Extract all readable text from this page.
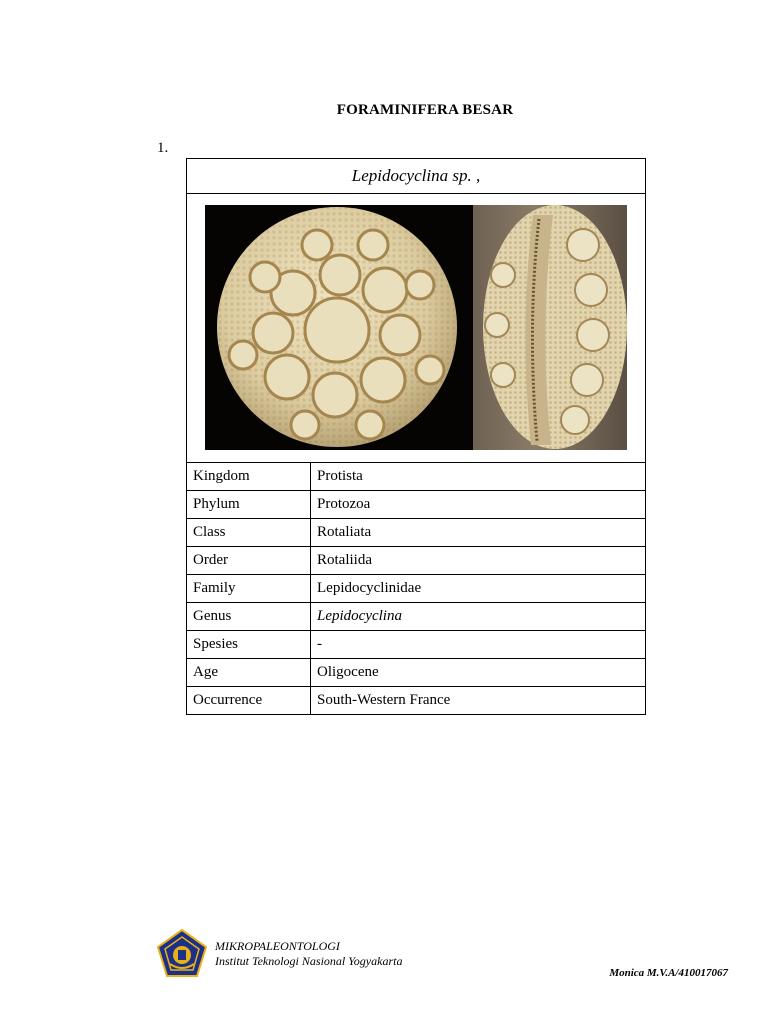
FORAMINIFERA BESAR
1.
Lepidocyclina sp. ,	

Kingdom	Protista
Phylum	Protozoa
Class	Rotaliata
Order	Rotaliida
Family	Lepidocyclinidae
Genus	Lepidocyclina
Spesies	-
Age	Oligocene
Occurrence	South-Western France
MIKROPALEONTOLOGI
Institut Teknologi Nasional Yogyakarta
Monica M.V.A/410017067
